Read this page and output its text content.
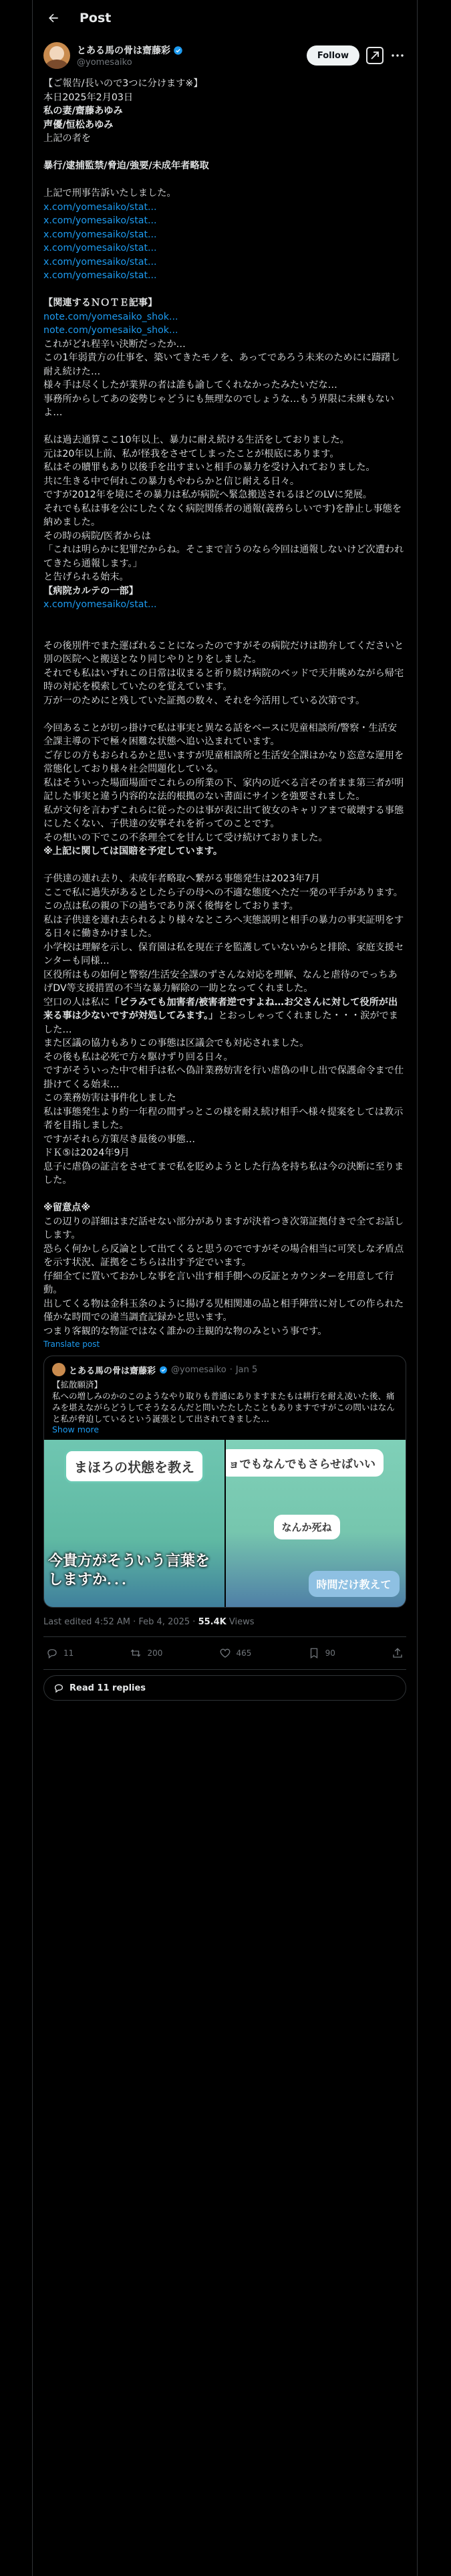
Post
とある馬の骨は齋藤彩
@yomesaiko
Follow
【ご報告/長いので3つに分けます※】
本日2025年2月03日
私の妻/齋藤あゆみ
声優/恒松あゆみ
上記の者を
暴行/逮捕監禁/脅迫/強要/未成年者略取
上記で刑事告訴いたしました。
x.com/yomesaiko/stat...
x.com/yomesaiko/stat...
x.com/yomesaiko/stat...
x.com/yomesaiko/stat...
x.com/yomesaiko/stat...
x.com/yomesaiko/stat...
【関連するＮＯＴＥ記事】
note.com/yomesaiko_shok...
note.com/yomesaiko_shok...
これがどれ程辛い決断だったか…
この1年弱貴方の仕事を、築いてきたモノを、あってであろう未来のためにに躊躇し耐え続けた…
様々手は尽くしたが業界の者は誰も諭してくれなかったみたいだな…
事務所からしてあの姿勢じゃどうにも無理なのでしょうな…もう界限に未練もないよ…
私は過去通算ここ10年以上、暴力に耐え続ける生活をしておりました。
元は20年以上前、私が怪我をさせてしまったことが根底にあります。
私はその贖罪もあり以後手を出すまいと相手の暴力を受け入れておりました。
共に生きる中で何れこの暴力もやわらかと信じ耐える日々。
ですが2012年を境にその暴力は私が病院へ緊急搬送されるほどのLVに発展。
それでも私は事を公にしたくなく病院関係者の通報(義務らしいです)を静止し事態を納めました。
その時の病院/医者からは
「これは明らかに犯罪だからね。そこまで言うのなら今回は通報しないけど次遭われてきたら通報します。」
と告げられる始末。
【病院カルテの一部】
x.com/yomesaiko/stat...
その後別件でまた運ばれることになったのですがその病院だけは勘弁してくださいと別の医院へと搬送となり同じやりとりをしました。
それでも私はいずれこの日常は収まると祈り続け病院のベッドで天井眺めながら帰宅時の対応を模索していたのを覚えています。
万が一のためにと残していた証拠の数々、それを今活用している次第です。
今回あることが切っ掛けで私は事実と異なる話をベースに児童相談所/警察・生活安全課主導の下で極々困難な状態へ追い込まれています。
ご存じの方もおられるかと思いますが児童相談所と生活安全課はかなり恣意な運用を常態化しており様々社会問題化している。
私はそういった場面場面でこれらの所業の下、家内の近べる言その者まま第三者が明記した事実と違う内容的な法的根拠のない書面にサインを強要されました。
私が文句を言わずこれらに従ったのは事が表に出て彼女のキャリアまで破壊する事態にしたくない、子供達の安寧それを祈ってのことです。
その想いの下でこの不条理全てを甘んじて受け続けておりました。
※上記に関しては国賠を予定しています。
子供達の連れ去り、未成年者略取へ繋がる事態発生は2023年7月
ここで私に過失があるとしたら子の母への不適な態度へただ一発の平手があります。
この点は私の親の下の過ちであり深く後悔をしております。
私は子供達を連れ去られるより様々なところへ実態説明と相手の暴力の事実証明をする日々に働きかけました。
小学校は理解を示し、保育園は私を現在子を監護していないからと排除、家庭支援センターも同様…
区役所はもの如何と警察/生活安全課のずさんな対応を理解、なんと虐待のでっちあげDV等支援措置の不当な暴力解除の一助となってくれました。
空口の人は私に「ビラみても加害者/被害者逆ですよね…お父さんに対して役所が出来る事は少ないですが対処してみます。」とおっしゃってくれました・・・涙がでました…
また区議の協力もありこの事態は区議会でも対応されました。
その後も私は必死で方々駆けずり回る日々。
ですがそういった中で相手は私へ偽計業務妨害を行い虐偽の申し出で保護命令まで仕掛けてくる始末…
この業務妨害は事件化しました
私は事態発生より約一年程の間ずっとこの様を耐え続け相手へ様々提案をしては教示者を目指しました。
ですがそれら方策尽き最後の事態…
ドＫ⑤は2024年9月
息子に虐偽の証言をさせてまで私を貶めようとした行為を持ち私は今の決断に至りました。
※留意点※
この辺りの詳細はまだ話せない部分がありますが決着つき次第証拠付きで全てお話しします。
恐らく何かしら反論として出てくると思うのでですがその場合相当に可笑しな矛盾点を示す状況、証拠をこちらは出す予定でいます。
仔細全てに置いておかしな事を言い出す相手側への反証とカウンターを用意して行動。
出してくる物は金科玉条のように揚げる児相関連の品と相手陣営に対しての作られた僅かな時間での違当調査記録かと思います。
つまり客観的な物証ではなく誰かの主観的な物のみという事です。
Translate post
とある馬の骨は齋藤彩 @yomesaiko · Jan 5
【拡散願済】
私への増しみのかのこのようなやり取りも普通にありますまたもは耕行を耐え凌いた後、痛みを堪えながらどうしてそうなるんだと問いたたしたこともありますですがこの問いはなんと私が脅迫しているという誕張として出されてきました…
Show more
まほろの状態を教え
今貴方がそういう言葉を
しますか．．．
ョでもなんでもさらせばいい
なんか死ね
時間だけ教えて
Last edited 4:52 AM · Feb 4, 2025 · 55.4K Views
11	200	465	90
Read 11 replies
